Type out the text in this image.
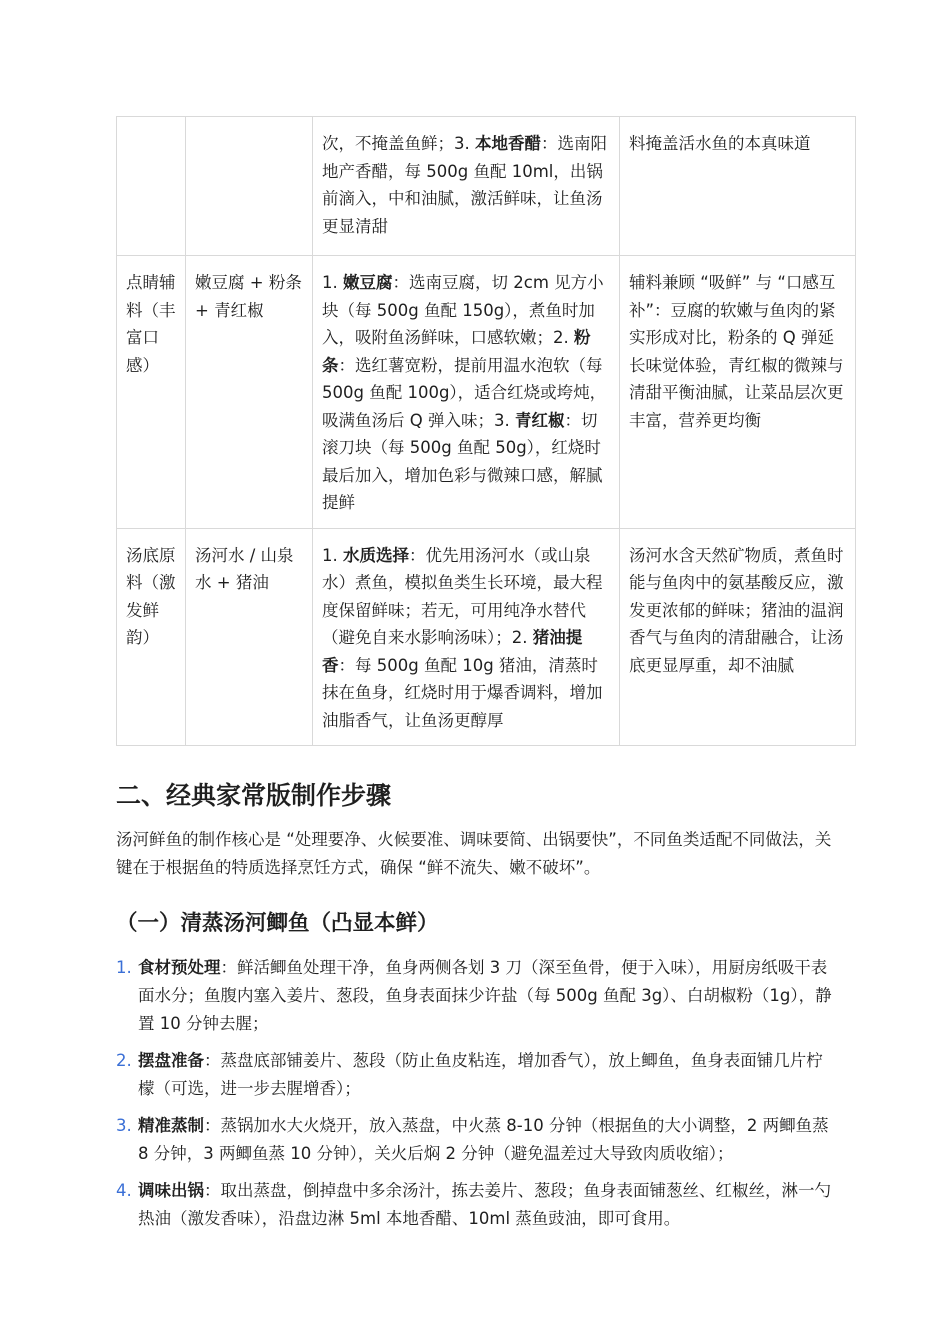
		次，不掩盖鱼鲜；3. 本地香醋：选南阳地产香醋，每 500g 鱼配 10ml，出锅前滴入，中和油腻，激活鲜味，让鱼汤更显清甜	料掩盖活水鱼的本真味道
点睛辅料（丰富口感）	嫩豆腐 + 粉条 + 青红椒	1. 嫩豆腐：选南豆腐，切 2cm 见方小块（每 500g 鱼配 150g），煮鱼时加入，吸附鱼汤鲜味，口感软嫩；2. 粉条：选红薯宽粉，提前用温水泡软（每 500g 鱼配 100g），适合红烧或垮炖，吸满鱼汤后 Q 弹入味；3. 青红椒：切滚刀块（每 500g 鱼配 50g），红烧时最后加入，增加色彩与微辣口感，解腻提鲜	辅料兼顾 “吸鲜” 与 “口感互补”：豆腐的软嫩与鱼肉的紧实形成对比，粉条的 Q 弹延长味觉体验，青红椒的微辣与清甜平衡油腻，让菜品层次更丰富，营养更均衡
汤底原料（激发鲜韵）	汤河水 / 山泉水 + 猪油	1. 水质选择：优先用汤河水（或山泉水）煮鱼，模拟鱼类生长环境，最大程度保留鲜味；若无，可用纯净水替代（避免自来水影响汤味）；2. 猪油提香：每 500g 鱼配 10g 猪油，清蒸时抹在鱼身，红烧时用于爆香调料，增加油脂香气，让鱼汤更醇厚	汤河水含天然矿物质，煮鱼时能与鱼肉中的氨基酸反应，激发更浓郁的鲜味；猪油的温润香气与鱼肉的清甜融合，让汤底更显厚重，却不油腻
二、经典家常版制作步骤

汤河鲜鱼的制作核心是 “处理要净、火候要准、调味要简、出锅要快”，不同鱼类适配不同做法，关键在于根据鱼的特质选择烹饪方式，确保 “鲜不流失、嫩不破坏”。

（一）清蒸汤河鲫鱼（凸显本鲜）
1. 食材预处理：鲜活鲫鱼处理干净，鱼身两侧各划 3 刀（深至鱼骨，便于入味），用厨房纸吸干表面水分；鱼腹内塞入姜片、葱段，鱼身表面抹少许盐（每 500g 鱼配 3g）、白胡椒粉（1g），静置 10 分钟去腥；
2. 摆盘准备：蒸盘底部铺姜片、葱段（防止鱼皮粘连，增加香气），放上鲫鱼，鱼身表面铺几片柠檬（可选，进一步去腥增香）；
3. 精准蒸制：蒸锅加水大火烧开，放入蒸盘，中火蒸 8-10 分钟（根据鱼的大小调整，2 两鲫鱼蒸 8 分钟，3 两鲫鱼蒸 10 分钟），关火后焖 2 分钟（避免温差过大导致肉质收缩）；
4. 调味出锅：取出蒸盘，倒掉盘中多余汤汁，拣去姜片、葱段；鱼身表面铺葱丝、红椒丝，淋一勺热油（激发香味），沿盘边淋 5ml 本地香醋、10ml 蒸鱼豉油，即可食用。
